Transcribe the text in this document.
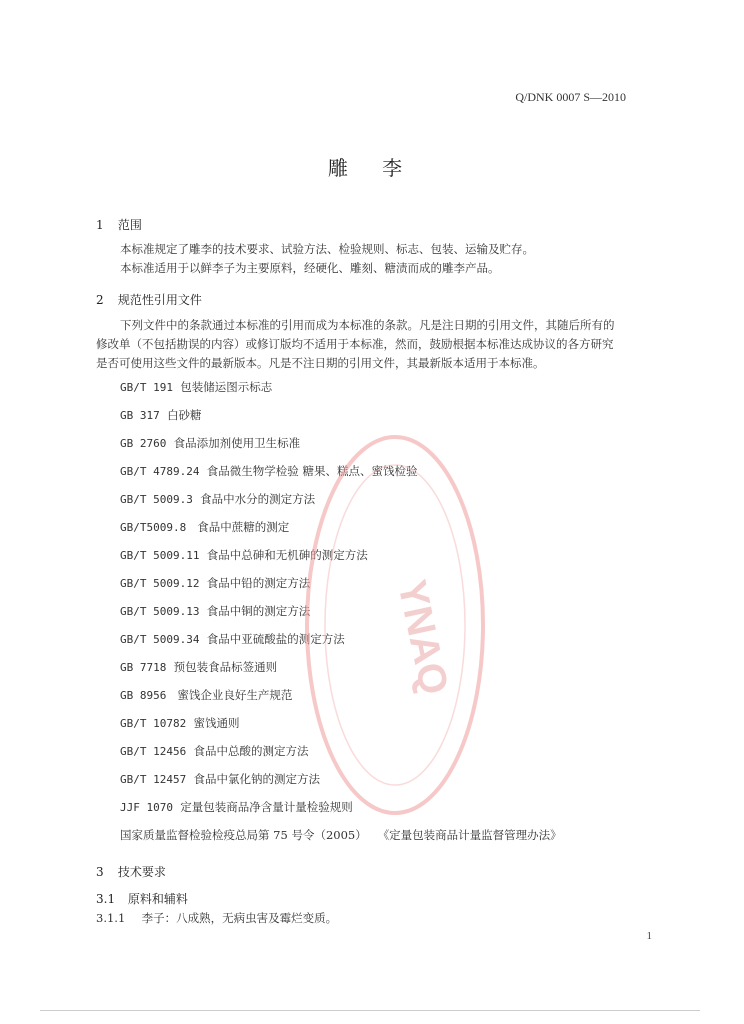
Q/DNK 0007 S—2010
雕 李
1 范围
本标准规定了雕李的技术要求、试验方法、检验规则、标志、包装、运输及贮存。
本标准适用于以鲜李子为主要原料，经硬化、雕刻、糖渍而成的雕李产品。
2 规范性引用文件
下列文件中的条款通过本标准的引用而成为本标准的条款。凡是注日期的引用文件，其随后所有的
修改单（不包括勘误的内容）或修订版均不适用于本标准，然而，鼓励根据本标准达成协议的各方研究
是否可使用这些文件的最新版本。凡是不注日期的引用文件，其最新版本适用于本标准。
GB/T 191 包装储运图示标志
GB 317 白砂糖
GB 2760 食品添加剂使用卫生标准
GB/T 4789.24 食品微生物学检验 糖果、糕点、蜜饯检验
GB/T 5009.3 食品中水分的测定方法
GB/T5009.8 食品中蔗糖的测定
GB/T 5009.11 食品中总砷和无机砷的测定方法
GB/T 5009.12 食品中铅的测定方法
GB/T 5009.13 食品中铜的测定方法
GB/T 5009.34 食品中亚硫酸盐的测定方法
GB 7718 预包装食品标签通则
GB 8956 蜜饯企业良好生产规范
GB/T 10782 蜜饯通则
GB/T 12456 食品中总酸的测定方法
GB/T 12457 食品中氯化钠的测定方法
JJF 1070 定量包装商品净含量计量检验规则
国家质量监督检验检疫总局第 75 号令（2005） 《定量包装商品计量监督管理办法》
3 技术要求
3.1 原料和辅料
3.1.1 李子：八成熟，无病虫害及霉烂变质。
YNAQ
1
